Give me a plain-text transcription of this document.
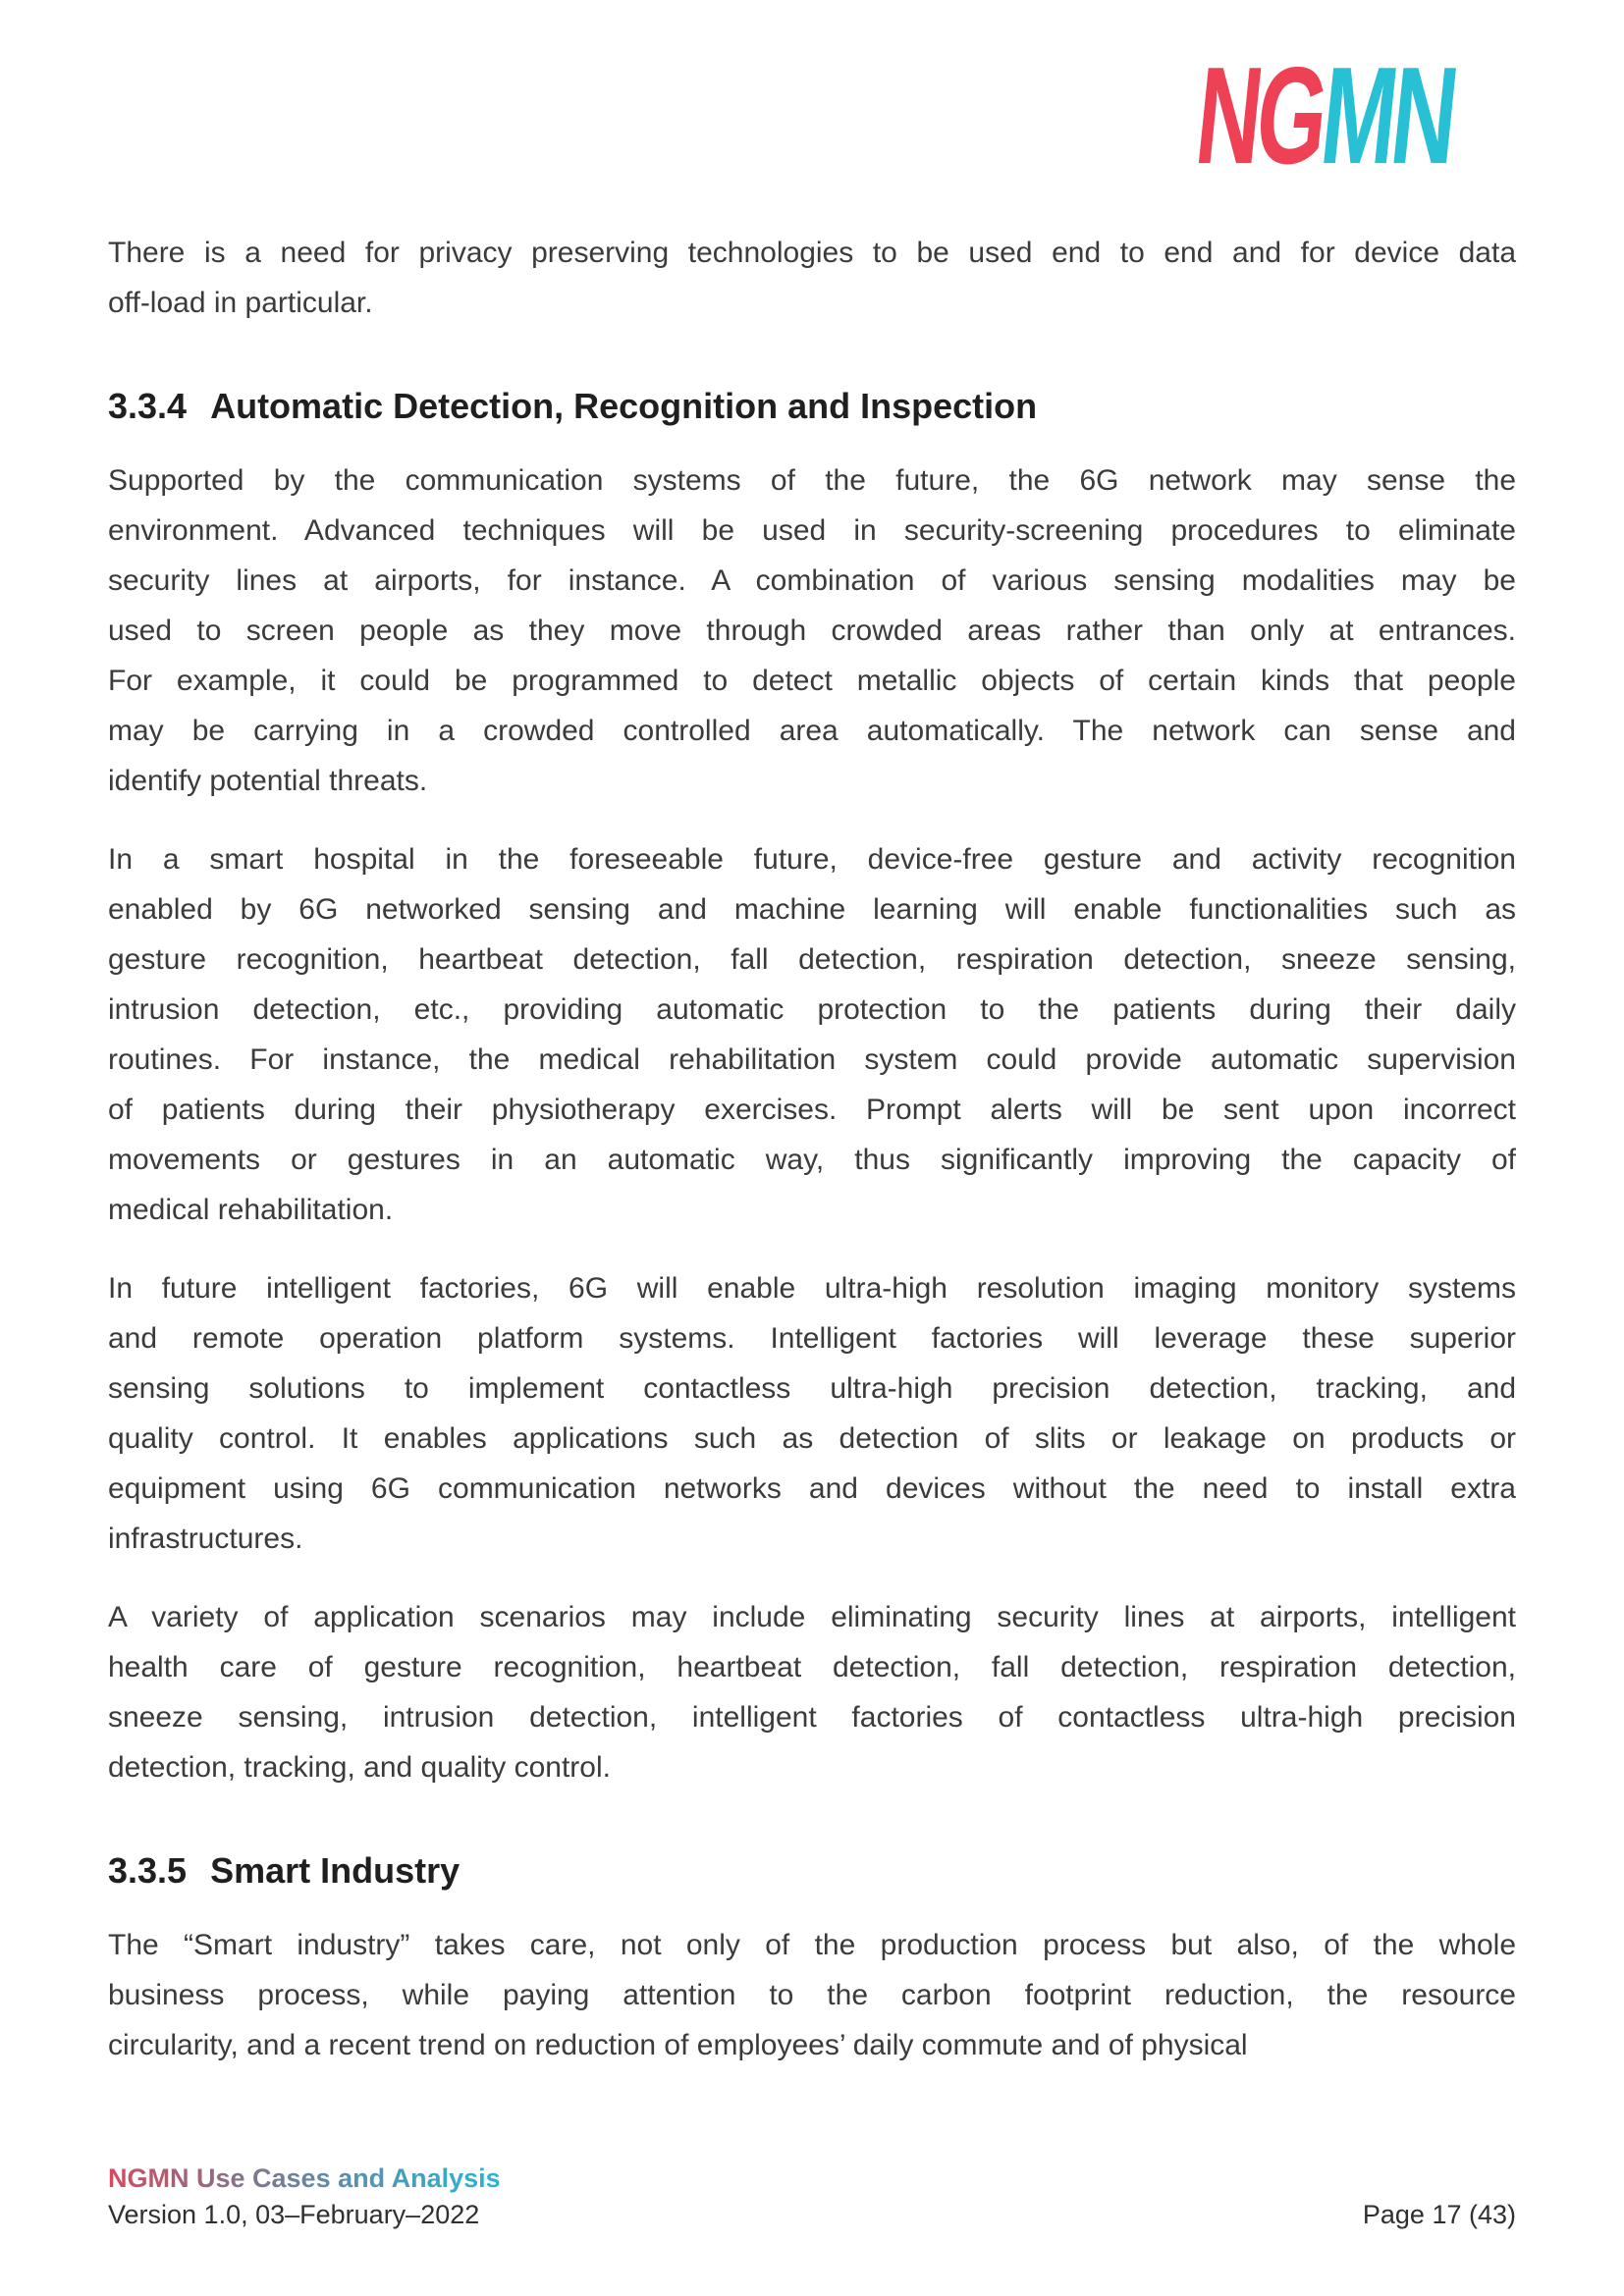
NG
MN
There is a need for privacy preserving technologies to be used end to end and for device data
off-load in particular.
3.3.4 Automatic Detection, Recognition and Inspection
Supported by the communication systems of the future, the 6G network may sense the
environment. Advanced techniques will be used in security-screening procedures to eliminate
security lines at airports, for instance. A combination of various sensing modalities may be
used to screen people as they move through crowded areas rather than only at entrances.
For example, it could be programmed to detect metallic objects of certain kinds that people
may be carrying in a crowded controlled area automatically. The network can sense and
identify potential threats.
In a smart hospital in the foreseeable future, device-free gesture and activity recognition
enabled by 6G networked sensing and machine learning will enable functionalities such as
gesture recognition, heartbeat detection, fall detection, respiration detection, sneeze sensing,
intrusion detection, etc., providing automatic protection to the patients during their daily
routines. For instance, the medical rehabilitation system could provide automatic supervision
of patients during their physiotherapy exercises. Prompt alerts will be sent upon incorrect
movements or gestures in an automatic way, thus significantly improving the capacity of
medical rehabilitation.
In future intelligent factories, 6G will enable ultra-high resolution imaging monitory systems
and remote operation platform systems. Intelligent factories will leverage these superior
sensing solutions to implement contactless ultra-high precision detection, tracking, and
quality control. It enables applications such as detection of slits or leakage on products or
equipment using 6G communication networks and devices without the need to install extra
infrastructures.
A variety of application scenarios may include eliminating security lines at airports, intelligent
health care of gesture recognition, heartbeat detection, fall detection, respiration detection,
sneeze sensing, intrusion detection, intelligent factories of contactless ultra-high precision
detection, tracking, and quality control.
3.3.5 Smart Industry
The “Smart industry” takes care, not only of the production process but also, of the whole
business process, while paying attention to the carbon footprint reduction, the resource
circularity, and a recent trend on reduction of employees’ daily commute and of physical
NGMN Use Cases and Analysis
Version 1.0, 03–February–2022	Page 17 (43)
